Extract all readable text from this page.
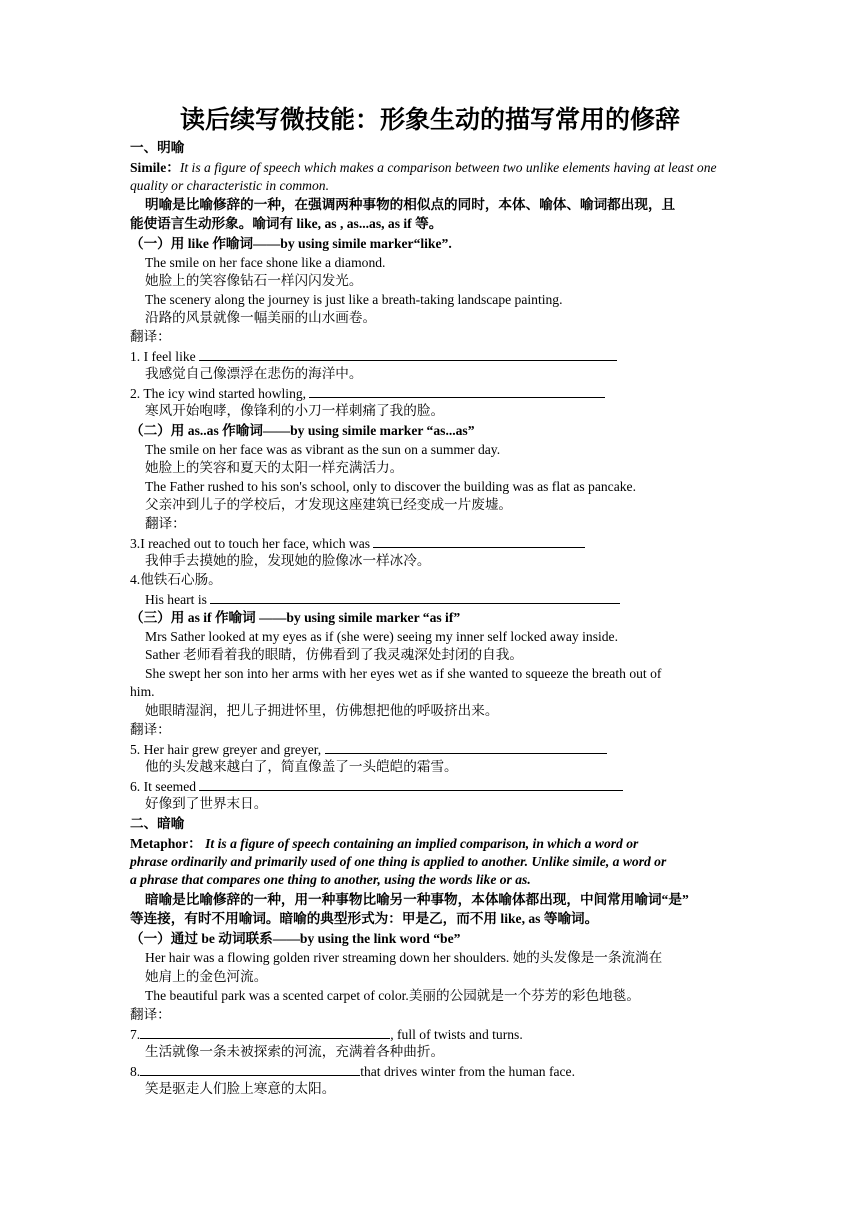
读后续写微技能：形象生动的描写常用的修辞
一、明喻
Simile：It is a figure of speech which makes a comparison between two unlike elements having at least one quality or characteristic in common.
明喻是比喻修辞的一种，在强调两种事物的相似点的同时，本体、喻体、喻词都出现，且
能使语言生动形象。喻词有 like, as , as...as, as if 等。
（一）用 like 作喻词——by using simile marker“like”.
The smile on her face shone like a diamond.
她脸上的笑容像钻石一样闪闪发光。
The scenery along the journey is just like a breath-taking landscape painting.
沿路的风景就像一幅美丽的山水画卷。
翻译：
1. I feel like
我感觉自己像漂浮在悲伤的海洋中。
2. The icy wind started howling,
寒风开始咆哮，像锋利的小刀一样刺痛了我的脸。
（二）用 as..as 作喻词——by using simile marker “as...as”
The smile on her face was as vibrant as the sun on a summer day.
她脸上的笑容和夏天的太阳一样充满活力。
The Father rushed to his son's school, only to discover the building was as flat as pancake.
父亲冲到儿子的学校后，才发现这座建筑已经变成一片废墟。
翻译：
3.I reached out to touch her face, which was
我伸手去摸她的脸，发现她的脸像冰一样冰冷。
4.他铁石心肠。
His heart is
（三）用 as if 作喻词 ——by using simile marker “as if”
Mrs Sather looked at my eyes as if (she were) seeing my inner self locked away inside.
Sather 老师看着我的眼睛，仿佛看到了我灵魂深处封闭的自我。
She swept her son into her arms with her eyes wet as if she wanted to squeeze the breath out of
him.
她眼睛湿润，把儿子拥进怀里，仿佛想把他的呼吸挤出来。
翻译：
5. Her hair grew greyer and greyer,
他的头发越来越白了，简直像盖了一头皑皑的霜雪。
6. It seemed
好像到了世界末日。
二、暗喻
Metaphor： It is a figure of speech containing an implied comparison, in which a word or
phrase ordinarily and primarily used of one thing is applied to another. Unlike simile, a word or
a phrase that compares one thing to another, using the words like or as.
暗喻是比喻修辞的一种，用一种事物比喻另一种事物，本体喻体都出现，中间常用喻词“是”
等连接，有时不用喻词。暗喻的典型形式为：甲是乙，而不用 like, as 等喻词。
（一）通过 be 动词联系——by using the link word “be”
Her hair was a flowing golden river streaming down her shoulders. 她的头发像是一条流淌在
她肩上的金色河流。
The beautiful park was a scented carpet of color.美丽的公园就是一个芬芳的彩色地毯。
翻译：
7.	, full of twists and turns.
生活就像一条未被探索的河流，充满着各种曲折。
8.	that drives winter from the human face.
笑是驱走人们脸上寒意的太阳。
